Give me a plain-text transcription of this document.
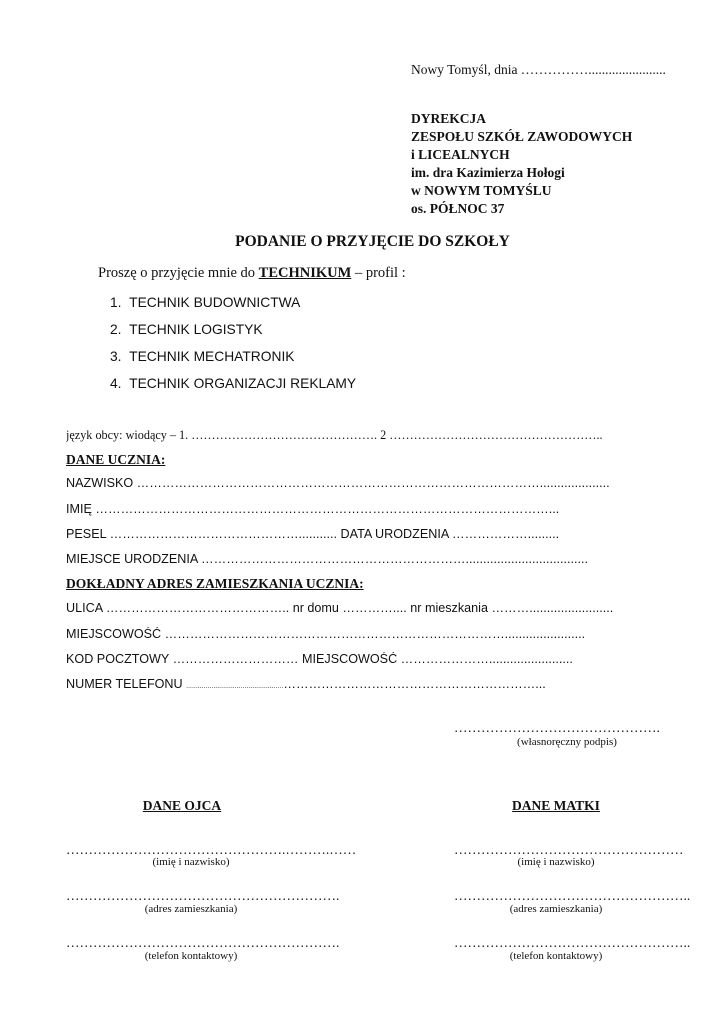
Nowy Tomyśl, dnia …………….......................
DYREKCJA
ZESPOŁU SZKÓŁ ZAWODOWYCH
i LICEALNYCH
im. dra Kazimierza Hołogi
w NOWYM TOMYŚLU
os. PÓŁNOC 37
PODANIE O PRZYJĘCIE DO SZKOŁY
Proszę o przyjęcie mnie do TECHNIKUM – profil :
1.  TECHNIK BUDOWNICTWA
2.  TECHNIK LOGISTYK
3.  TECHNIK MECHATRONIK
4.  TECHNIK ORGANIZACJI REKLAMY
język obcy: wiodący – 1. ………………………………………. 2 ……………………………………………..
DANE UCZNIA:
NAZWISKO ……………………………………………………………………………………....................
IMIĘ ………………………………………………………………………………………………...
PESEL ………………………………………........... DATA URODZENIA ……………….........
MIEJSCE URODZENIA ………………………………………………………...................................
DOKŁADNY ADRES ZAMIESZKANIA UCZNIA:
ULICA …………………………………….. nr domu ………….... nr mieszkania ………........................
MIEJSCOWOŚĆ ……………………………………………………………………….......................
KOD POCZTOWY ………………………… MIEJSCOWOŚĆ …………………........................
NUMER TELEFONU ..................................................……………………………………………………...
……………………………………….
(własnoręczny podpis)
DANE OJCA
………………………………………….……….……
(imię i nazwisko)
…………………………………………………….
(adres zamieszkania)
…………………………………………………….
(telefon kontaktowy)
DANE MATKI
……………………………………………
(imię i nazwisko)
……………………………………………..
(adres zamieszkania)
……………………………………………..
(telefon kontaktowy)
